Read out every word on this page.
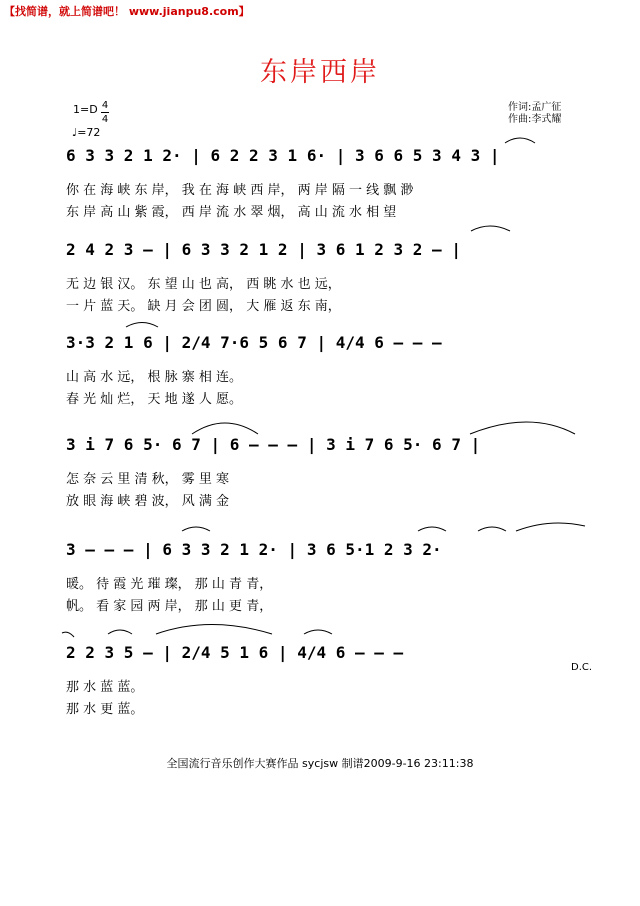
【找简谱，就上简谱吧！ www.jianpu8.com】
东岸西岸
1=D 4
4
♩=72
作词:孟广征
作曲:李式耀
6 3 3 2 1 2· | 6 2 2 3 1 6· | 3 6 6 5 3 4 3 |
你 在 海 峡 东 岸， 我 在 海 峡 西 岸， 两 岸 隔 一 线 飘 渺
东 岸 高 山 紫 霞， 西 岸 流 水 翠 烟， 高 山 流 水 相 望
2 4 2 3 – | 6 3 3 2 1 2 | 3 6 1 2 3 2 – |
无 边 银 汉。 东 望 山 也 高， 西 眺 水 也 远，
一 片 蓝 天。 缺 月 会 团 圆， 大 雁 返 东 南，
3·3 2 1 6 | 2/4 7·6 5 6 7 | 4/4 6 – – –
山 高 水 远， 根 脉 寨 相 连。
春 光 灿 烂， 天 地 遂 人 愿。
3 i 7 6 5· 6 7 | 6 – – – | 3 i 7 6 5· 6 7 |
怎 奈 云 里 清 秋， 雾 里 寒
放 眼 海 峡 碧 波， 风 满 金
3 – – – | 6 3 3 2 1 2· | 3 6 5·1 2 3 2·
暖。 待 霞 光 璀 璨， 那 山 青 青，
帆。 看 家 园 两 岸， 那 山 更 青，
2 2 3 5 – | 2/4 5 1 6 | 4/4 6 – – –
那 水 蓝 蓝。
那 水 更 蓝。
D.C.
全国流行音乐创作大赛作品 sycjsw 制谱2009-9-16 23:11:38
